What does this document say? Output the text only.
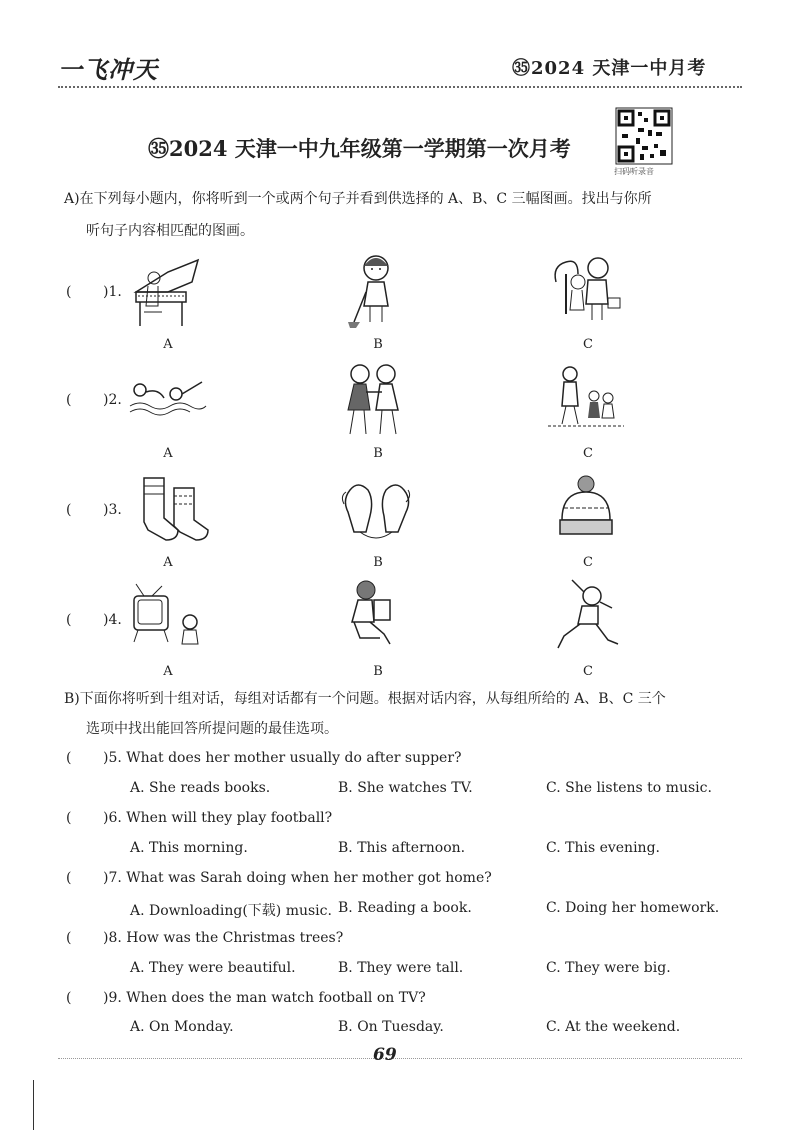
一飞冲天	㉟2024 天津一中月考
㉟2024 天津一中九年级第一学期第一次月考
扫码听录音
A)在下列每小题内，你将听到一个或两个句子并看到供选择的 A、B、C 三幅图画。找出与你所
听句子内容相匹配的图画。
( )1.
A	B	C
( )2.
A	B	C
( )3.
A	B	C
( )4.
A	B	C
B)下面你将听到十组对话，每组对话都有一个问题。根据对话内容，从每组所给的 A、B、C 三个
选项中找出能回答所提问题的最佳选项。
( )5. What does her mother usually do after supper?
A. She reads books.	B. She watches TV.	C. She listens to music.
( )6. When will they play football?
A. This morning.	B. This afternoon.	C. This evening.
( )7. What was Sarah doing when her mother got home?
A. Downloading(下载) music. B. Reading a book.	C. Doing her homework.
( )8. How was the Christmas trees?
A. They were beautiful.	B. They were tall.	C. They were big.
( )9. When does the man watch football on TV?
A. On Monday.	B. On Tuesday.	C. At the weekend.
69
